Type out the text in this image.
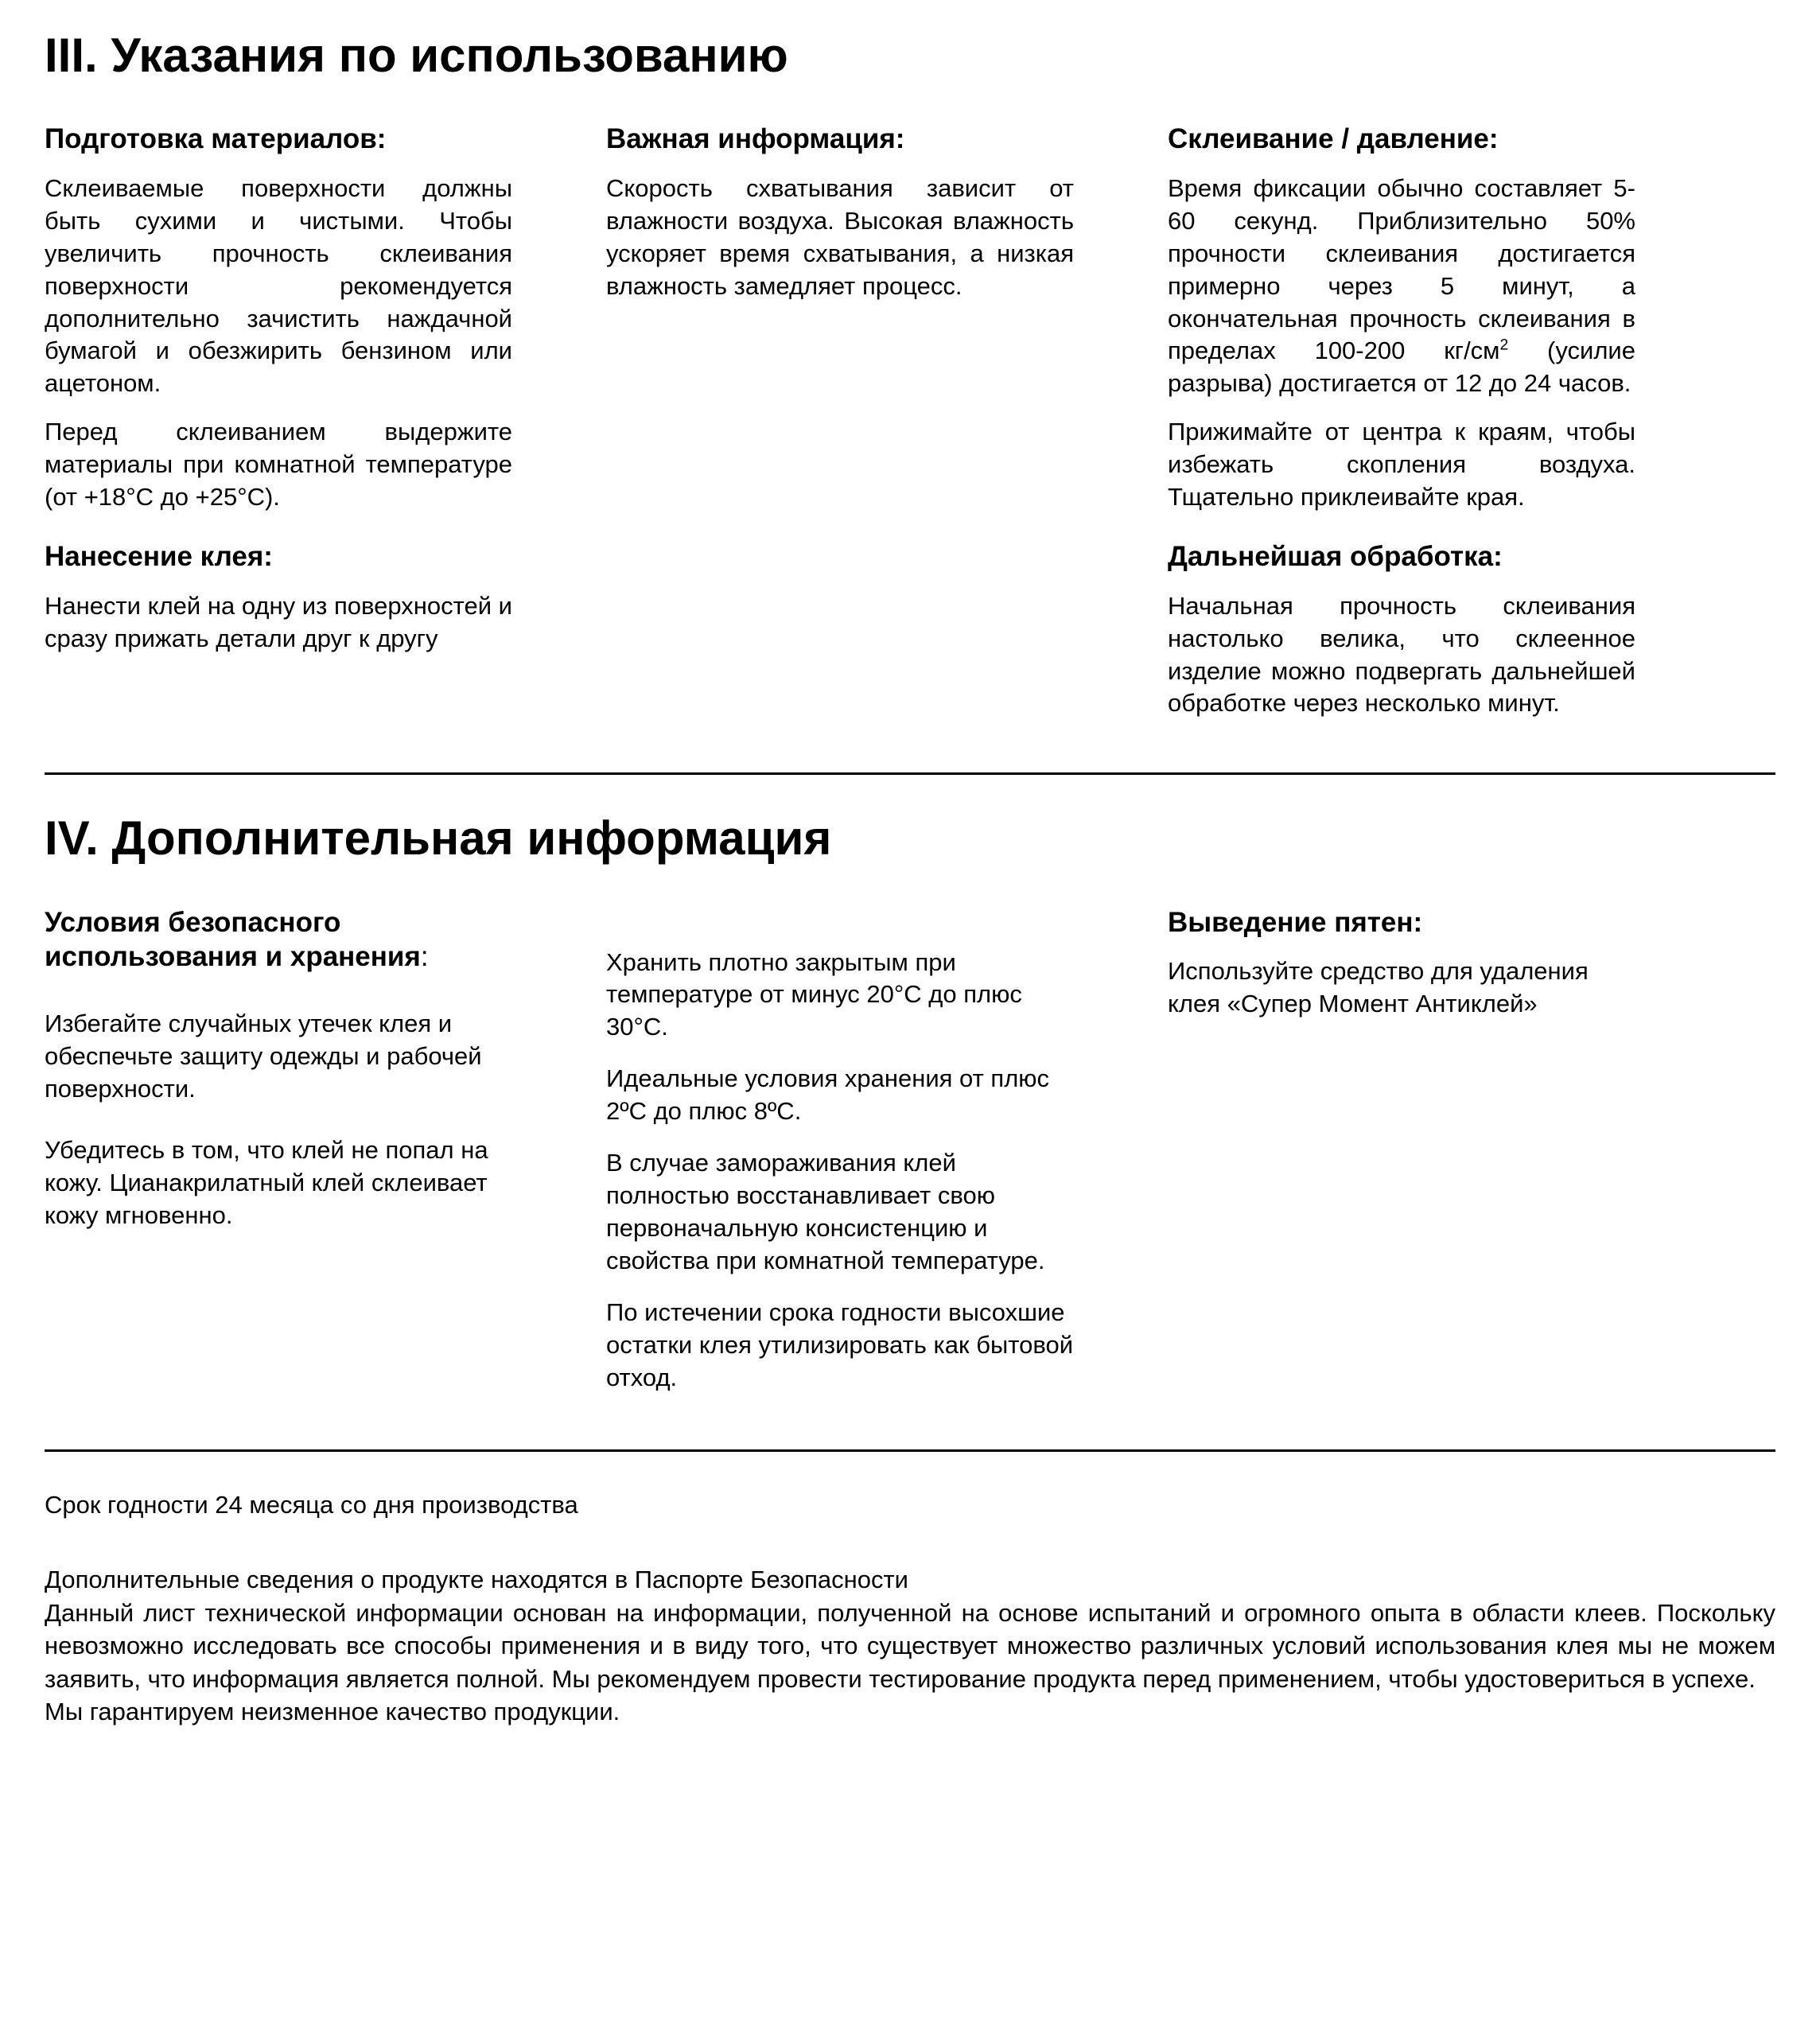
III. Указания по использованию
Подготовка материалов:

Склеиваемые поверхности должны быть сухими и чистыми. Чтобы увеличить прочность склеивания поверхности рекомендуется дополнительно зачистить наждачной бумагой и обезжирить бензином или ацетоном.

Перед склеиванием выдержите материалы при комнатной температуре (от +18°С до +25°С).

Нанесение клея:

Нанести клей на одну из поверхностей и сразу прижать детали друг к другу

Важная информация:

Скорость схватывания зависит от влажности воздуха. Высокая влажность ускоряет время схватывания, а низкая влажность замедляет процесс.

Склеивание / давление:

Время фиксации обычно составляет 5-60 секунд. Приблизительно 50% прочности склеивания достигается примерно через 5 минут, а окончательная прочность склеивания в пределах 100-200 $кг/см^2$ (усилие разрыва) достигается от 12 до 24 часов.

Прижимайте от центра к краям, чтобы избежать скопления воздуха. Тщательно приклеивайте края.

Дальнейшая обработка:

Начальная прочность склеивания настолько велика, что склеенное изделие можно подвергать дальнейшей обработке через несколько минут.

IV. Дополнительная информация
Условия безопасного использования и хранения:

Избегайте случайных утечек клея и обеспечьте защиту одежды и рабочей поверхности.

Убедитесь в том, что клей не попал на кожу. Цианакрилатный клей склеивает кожу мгновенно.

Хранить плотно закрытым при температуре от минус 20°С до плюс 30°С.

Идеальные условия хранения от плюс 2ºС до плюс 8ºС.

В случае замораживания клей полностью восстанавливает свою первоначальную консистенцию и свойства при комнатной температуре.

По истечении срока годности высохшие остатки клея утилизировать как бытовой отход.

Выведение пятен:

Используйте средство для удаления клея «Супер Момент Антиклей»

Срок годности 24 месяца со дня производства

Дополнительные сведения о продукте находятся в Паспорте Безопасности

Данный лист технической информации основан на информации, полученной на основе испытаний и огромного опыта в области клеев. Поскольку невозможно исследовать все способы применения и в виду того, что существует множество различных условий использования клея мы не можем заявить, что информация является полной. Мы рекомендуем провести тестирование продукта перед применением, чтобы удостовериться в успехе.

Мы гарантируем неизменное качество продукции.
